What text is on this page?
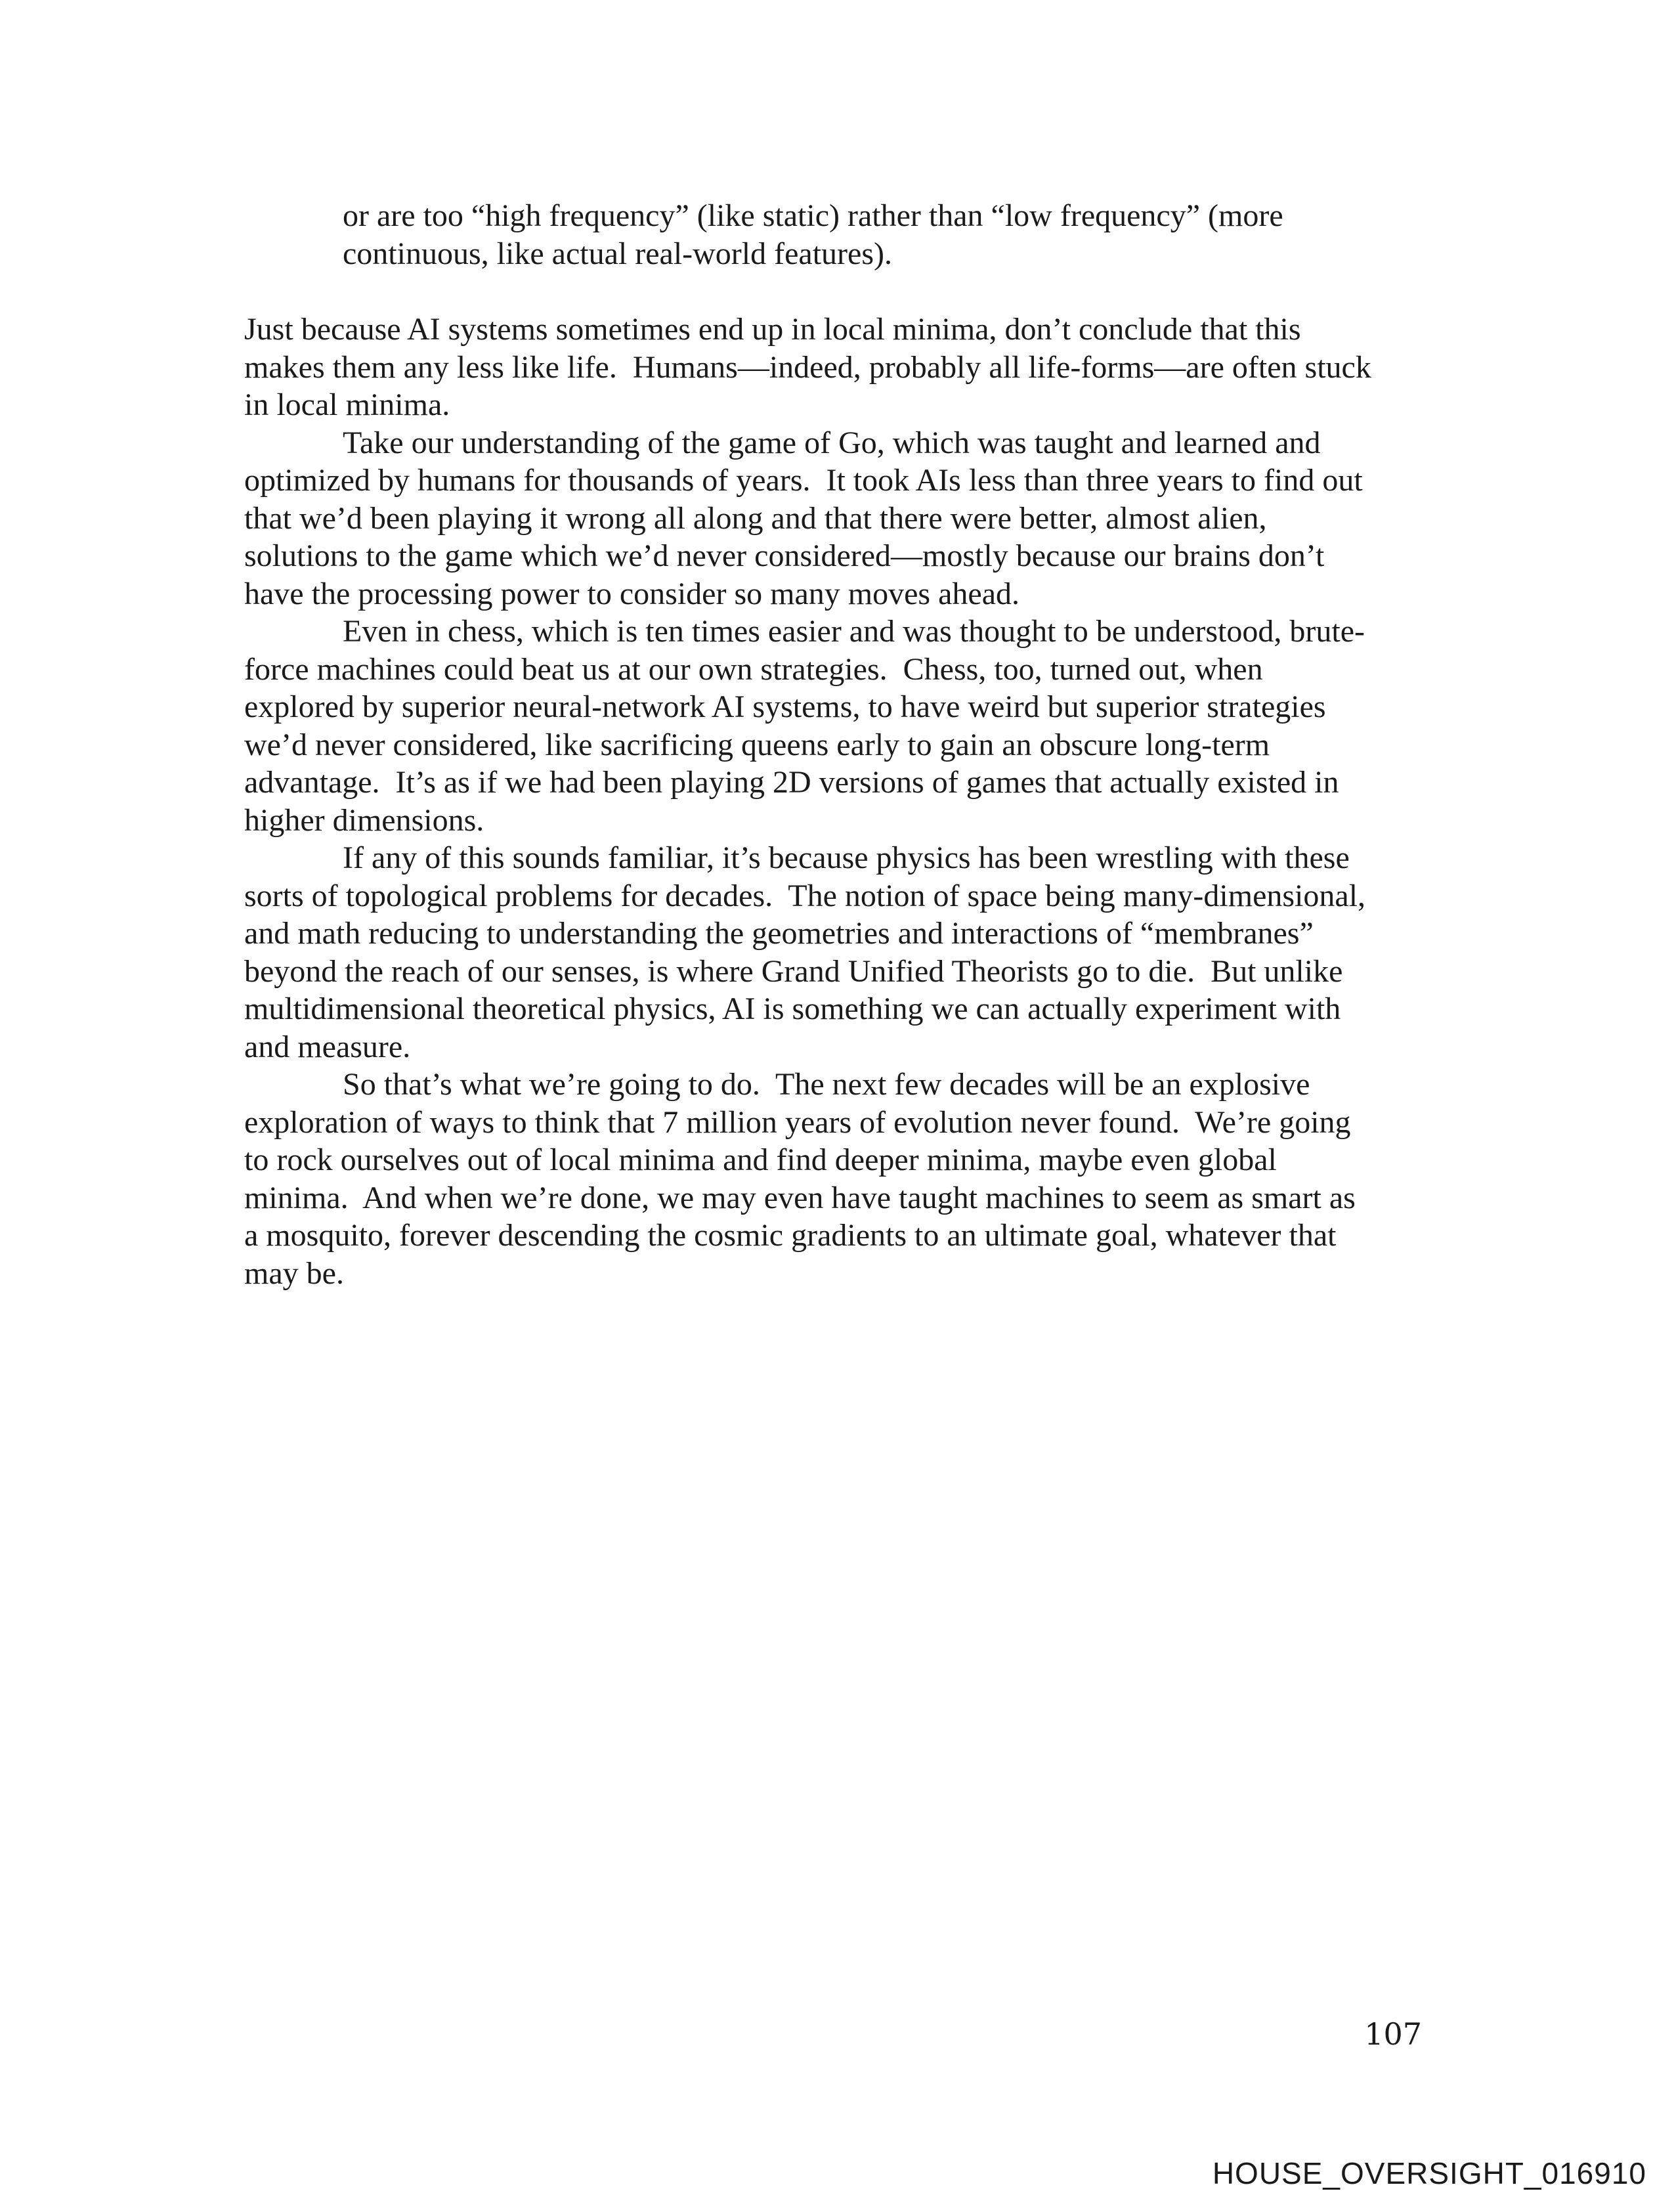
or are too “high frequency” (like static) rather than “low frequency” (more

continuous, like actual real-world features).

Just because AI systems sometimes end up in local minima, don’t conclude that this

makes them any less like life.  Humans—indeed, probably all life-forms—are often stuck

in local minima.

Take our understanding of the game of Go, which was taught and learned and

optimized by humans for thousands of years.  It took AIs less than three years to find out

that we’d been playing it wrong all along and that there were better, almost alien,

solutions to the game which we’d never considered—mostly because our brains don’t

have the processing power to consider so many moves ahead.

Even in chess, which is ten times easier and was thought to be understood, brute-

force machines could beat us at our own strategies.  Chess, too, turned out, when

explored by superior neural-network AI systems, to have weird but superior strategies

we’d never considered, like sacrificing queens early to gain an obscure long-term

advantage.  It’s as if we had been playing 2D versions of games that actually existed in

higher dimensions.

If any of this sounds familiar, it’s because physics has been wrestling with these

sorts of topological problems for decades.  The notion of space being many-dimensional,

and math reducing to understanding the geometries and interactions of “membranes”

beyond the reach of our senses, is where Grand Unified Theorists go to die.  But unlike

multidimensional theoretical physics, AI is something we can actually experiment with

and measure.

So that’s what we’re going to do.  The next few decades will be an explosive

exploration of ways to think that 7 million years of evolution never found.  We’re going

to rock ourselves out of local minima and find deeper minima, maybe even global

minima.  And when we’re done, we may even have taught machines to seem as smart as

a mosquito, forever descending the cosmic gradients to an ultimate goal, whatever that

may be.

107

HOUSE_OVERSIGHT_016910
